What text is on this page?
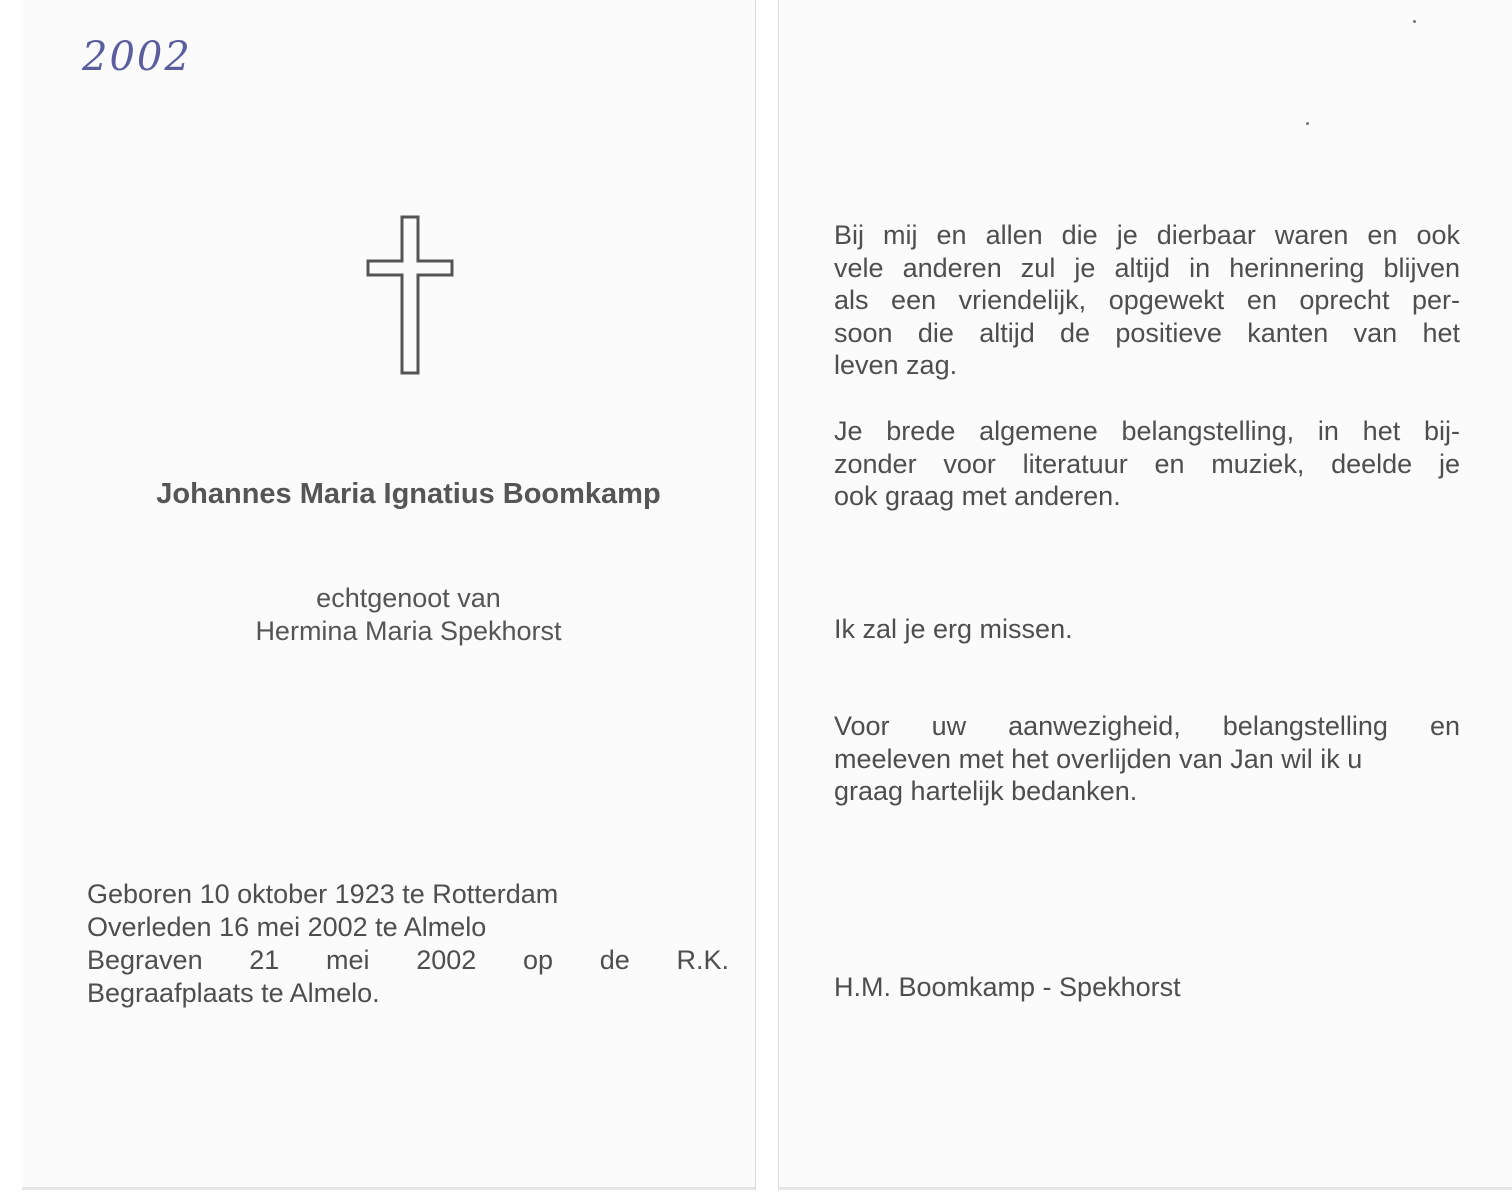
2002
Johannes Maria Ignatius Boomkamp
echtgenoot van
Hermina Maria Spekhorst
Geboren 10 oktober 1923 te Rotterdam
Overleden 16 mei 2002 te Almelo
Begraven 21 mei 2002 op de R.K.
Begraafplaats te Almelo.
Bij mij en allen die je dierbaar waren en ook
vele anderen zul je altijd in herinnering blijven
als een vriendelijk, opgewekt en oprecht per-
soon die altijd de positieve kanten van het
leven zag.
Je brede algemene belangstelling, in het bij-
zonder voor literatuur en muziek, deelde je
ook graag met anderen.
Ik zal je erg missen.
Voor uw aanwezigheid, belangstelling en
meeleven met het overlijden van Jan wil ik u
graag hartelijk bedanken.
H.M. Boomkamp - Spekhorst
